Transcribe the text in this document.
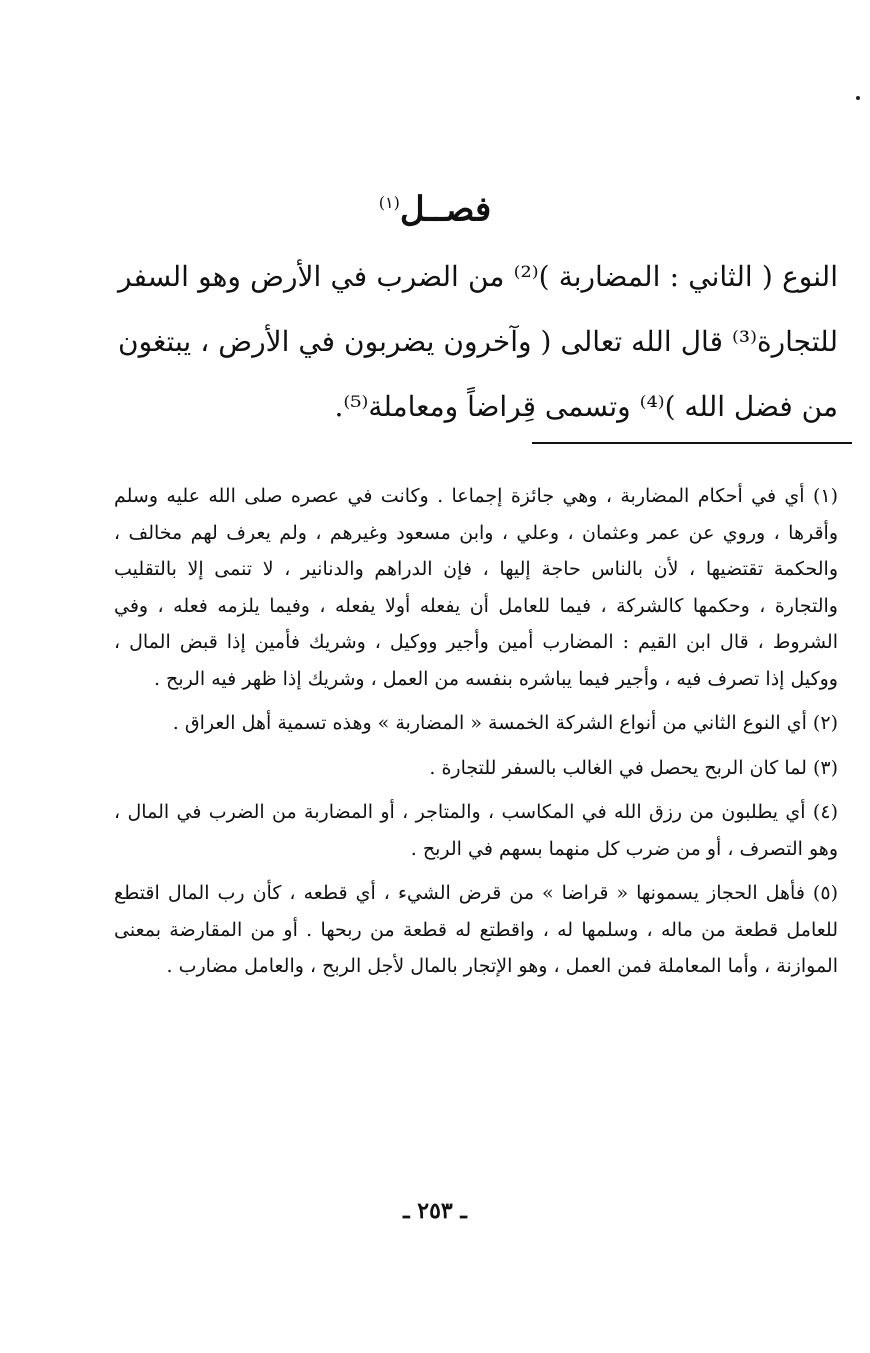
فصــل$^{(١)}$

النوع ( الثاني : المضاربة )⁽²⁾ من الضرب في الأرض وهو السفر للتجارة⁽³⁾ قال الله تعالى ( وآخرون يضربون في الأرض ، يبتغون من فضل الله )⁽⁴⁾ وتسمى قِراضاً ومعاملة⁽⁵⁾.

(١) أي في أحكام المضاربة ، وهي جائزة إجماعا . وكانت في عصره صلى الله عليه وسلم وأقرها ، وروي عن عمر وعثمان ، وعلي ، وابن مسعود وغيرهم ، ولم يعرف لهم مخالف ، والحكمة تقتضيها ، لأن بالناس حاجة إليها ، فإن الدراهم والدنانير ، لا تنمى إلا بالتقليب والتجارة ، وحكمها كالشركة ، فيما للعامل أن يفعله أولا يفعله ، وفيما يلزمه فعله ، وفي الشروط ، قال ابن القيم : المضارب أمين وأجير ووكيل ، وشريك فأمين إذا قبض المال ، ووكيل إذا تصرف فيه ، وأجير فيما يباشره بنفسه من العمل ، وشريك إذا ظهر فيه الربح .

(٢) أي النوع الثاني من أنواع الشركة الخمسة « المضاربة » وهذه تسمية أهل العراق .

(٣) لما كان الربح يحصل في الغالب بالسفر للتجارة .

(٤) أي يطلبون من رزق الله في المكاسب ، والمتاجر ، أو المضاربة من الضرب في المال ، وهو التصرف ، أو من ضرب كل منهما بسهم في الربح .

(٥) فأهل الحجاز يسمونها « قراضا » من قرض الشيء ، أي قطعه ، كأن رب المال اقتطع للعامل قطعة من ماله ، وسلمها له ، واقطتع له قطعة من ربحها . أو من المقارضة بمعنى الموازنة ، وأما المعاملة فمن العمل ، وهو الإتجار بالمال لأجل الربح ، والعامل مضارب .

ـ ٢٥٣ ـ
